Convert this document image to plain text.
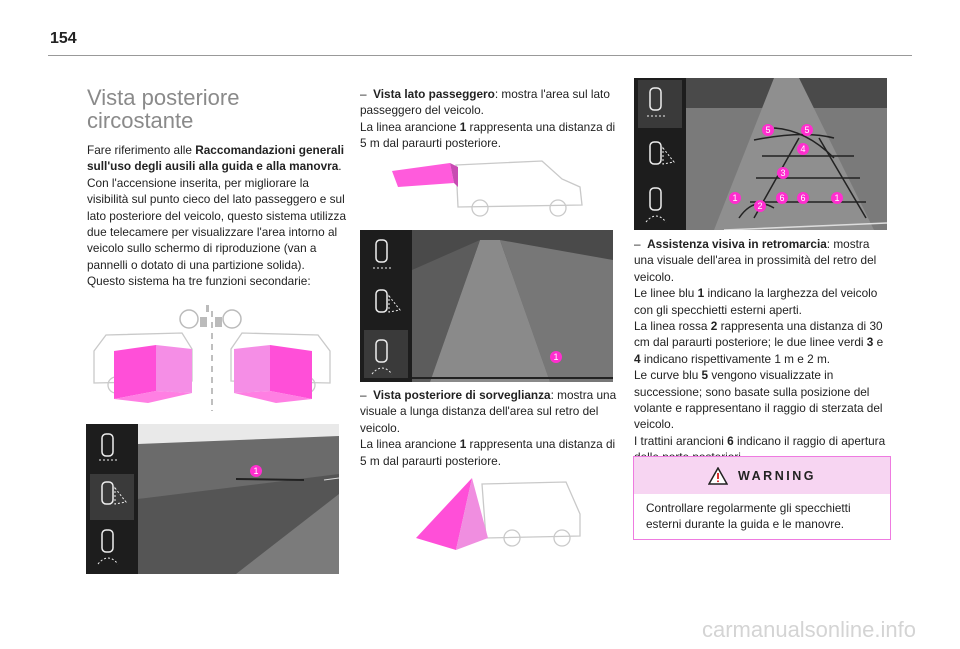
154
Vista posteriore
circostante

Fare riferimento alle Raccomandazioni generali sull'uso degli ausili alla guida e alla manovra.

Con l'accensione inserita, per migliorare la visibilità sul punto cieco del lato passeggero e sul lato posteriore del veicolo, questo sistema utilizza due telecamere per visualizzare l'area intorno al veicolo sullo schermo di riproduzione (van a pannelli o dotato di una partizione solida).

Questo sistema ha tre funzioni secondarie:

1

– Vista lato passeggero: mostra l'area sul lato passeggero del veicolo.

La linea arancione 1 rappresenta una distanza di 5 m dal paraurti posteriore.

1

– Vista posteriore di sorveglianza: mostra una visuale a lunga distanza dell'area sul retro del veicolo.

La linea arancione 1 rappresenta una distanza di 5 m dal paraurti posteriore.

5	5
4
3
1
2
6	6	1

– Assistenza visiva in retromarcia: mostra una visuale dell'area in prossimità del retro del veicolo.

Le linee blu 1 indicano la larghezza del veicolo con gli specchietti esterni aperti.

La linea rossa 2 rappresenta una distanza di 30 cm dal paraurti posteriore; le due linee verdi 3 e 4 indicano rispettivamente 1 m e 2 m.

Le curve blu 5 vengono visualizzate in successione; sono basate sulla posizione del volante e rappresentano il raggio di sterzata del veicolo.

I trattini arancioni 6 indicano il raggio di apertura

WARNING
Controllare regolarmente gli specchietti esterni durante la guida e le manovre.
carmanualsonline.info
